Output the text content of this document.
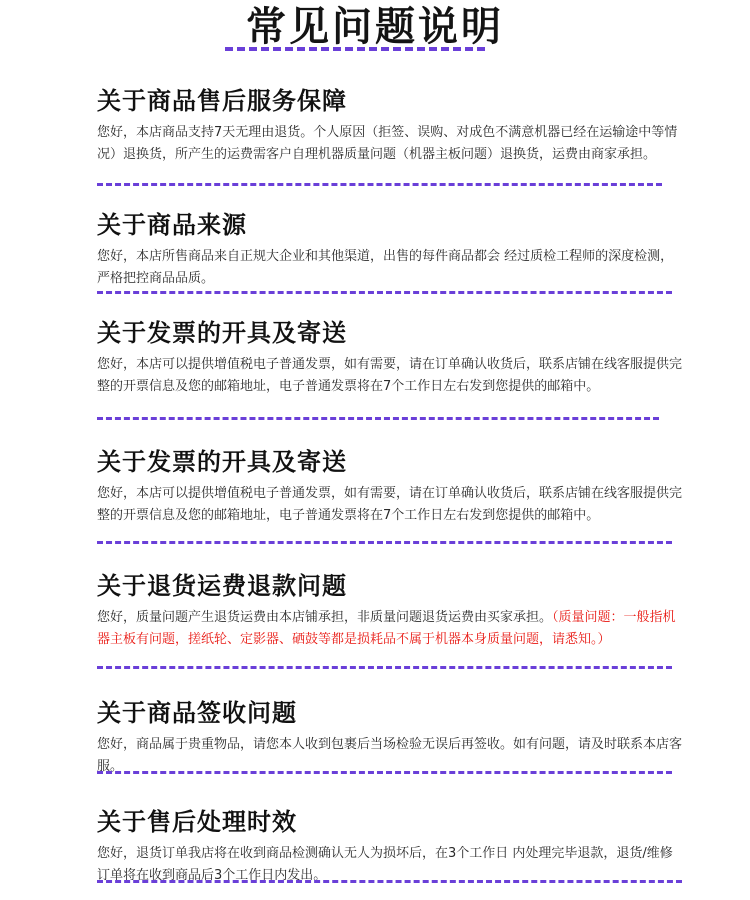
常见问题说明
关于商品售后服务保障

您好，本店商品支持7天无理由退货。个人原因（拒签、误购、对成色不满意机器已经在运输途中等情况）退换货，所产生的运费需客户自理机器质量问题（机器主板问题）退换货，运费由商家承担。

关于商品来源

您好，本店所售商品来自正规大企业和其他渠道，出售的每件商品都会 经过质检工程师的深度检测，严格把控商品品质。

关于发票的开具及寄送

您好，本店可以提供增值税电子普通发票，如有需要，请在订单确认收货后，联系店铺在线客服提供完整的开票信息及您的邮箱地址，电子普通发票将在7个工作日左右发到您提供的邮箱中。

关于发票的开具及寄送

您好，本店可以提供增值税电子普通发票，如有需要，请在订单确认收货后，联系店铺在线客服提供完整的开票信息及您的邮箱地址，电子普通发票将在7个工作日左右发到您提供的邮箱中。

关于退货运费退款问题

您好，质量问题产生退货运费由本店铺承担，非质量问题退货运费由买家承担。（质量问题：一般指机器主板有问题，搓纸轮、定影器、硒鼓等都是损耗品不属于机器本身质量问题，请悉知。）

关于商品签收问题

您好，商品属于贵重物品，请您本人收到包裹后当场检验无误后再签收。如有问题，请及时联系本店客服。

关于售后处理时效

您好，退货订单我店将在收到商品检测确认无人为损坏后，在3个工作日 内处理完毕退款，退货/维修订单将在收到商品后3个工作日内发出。
